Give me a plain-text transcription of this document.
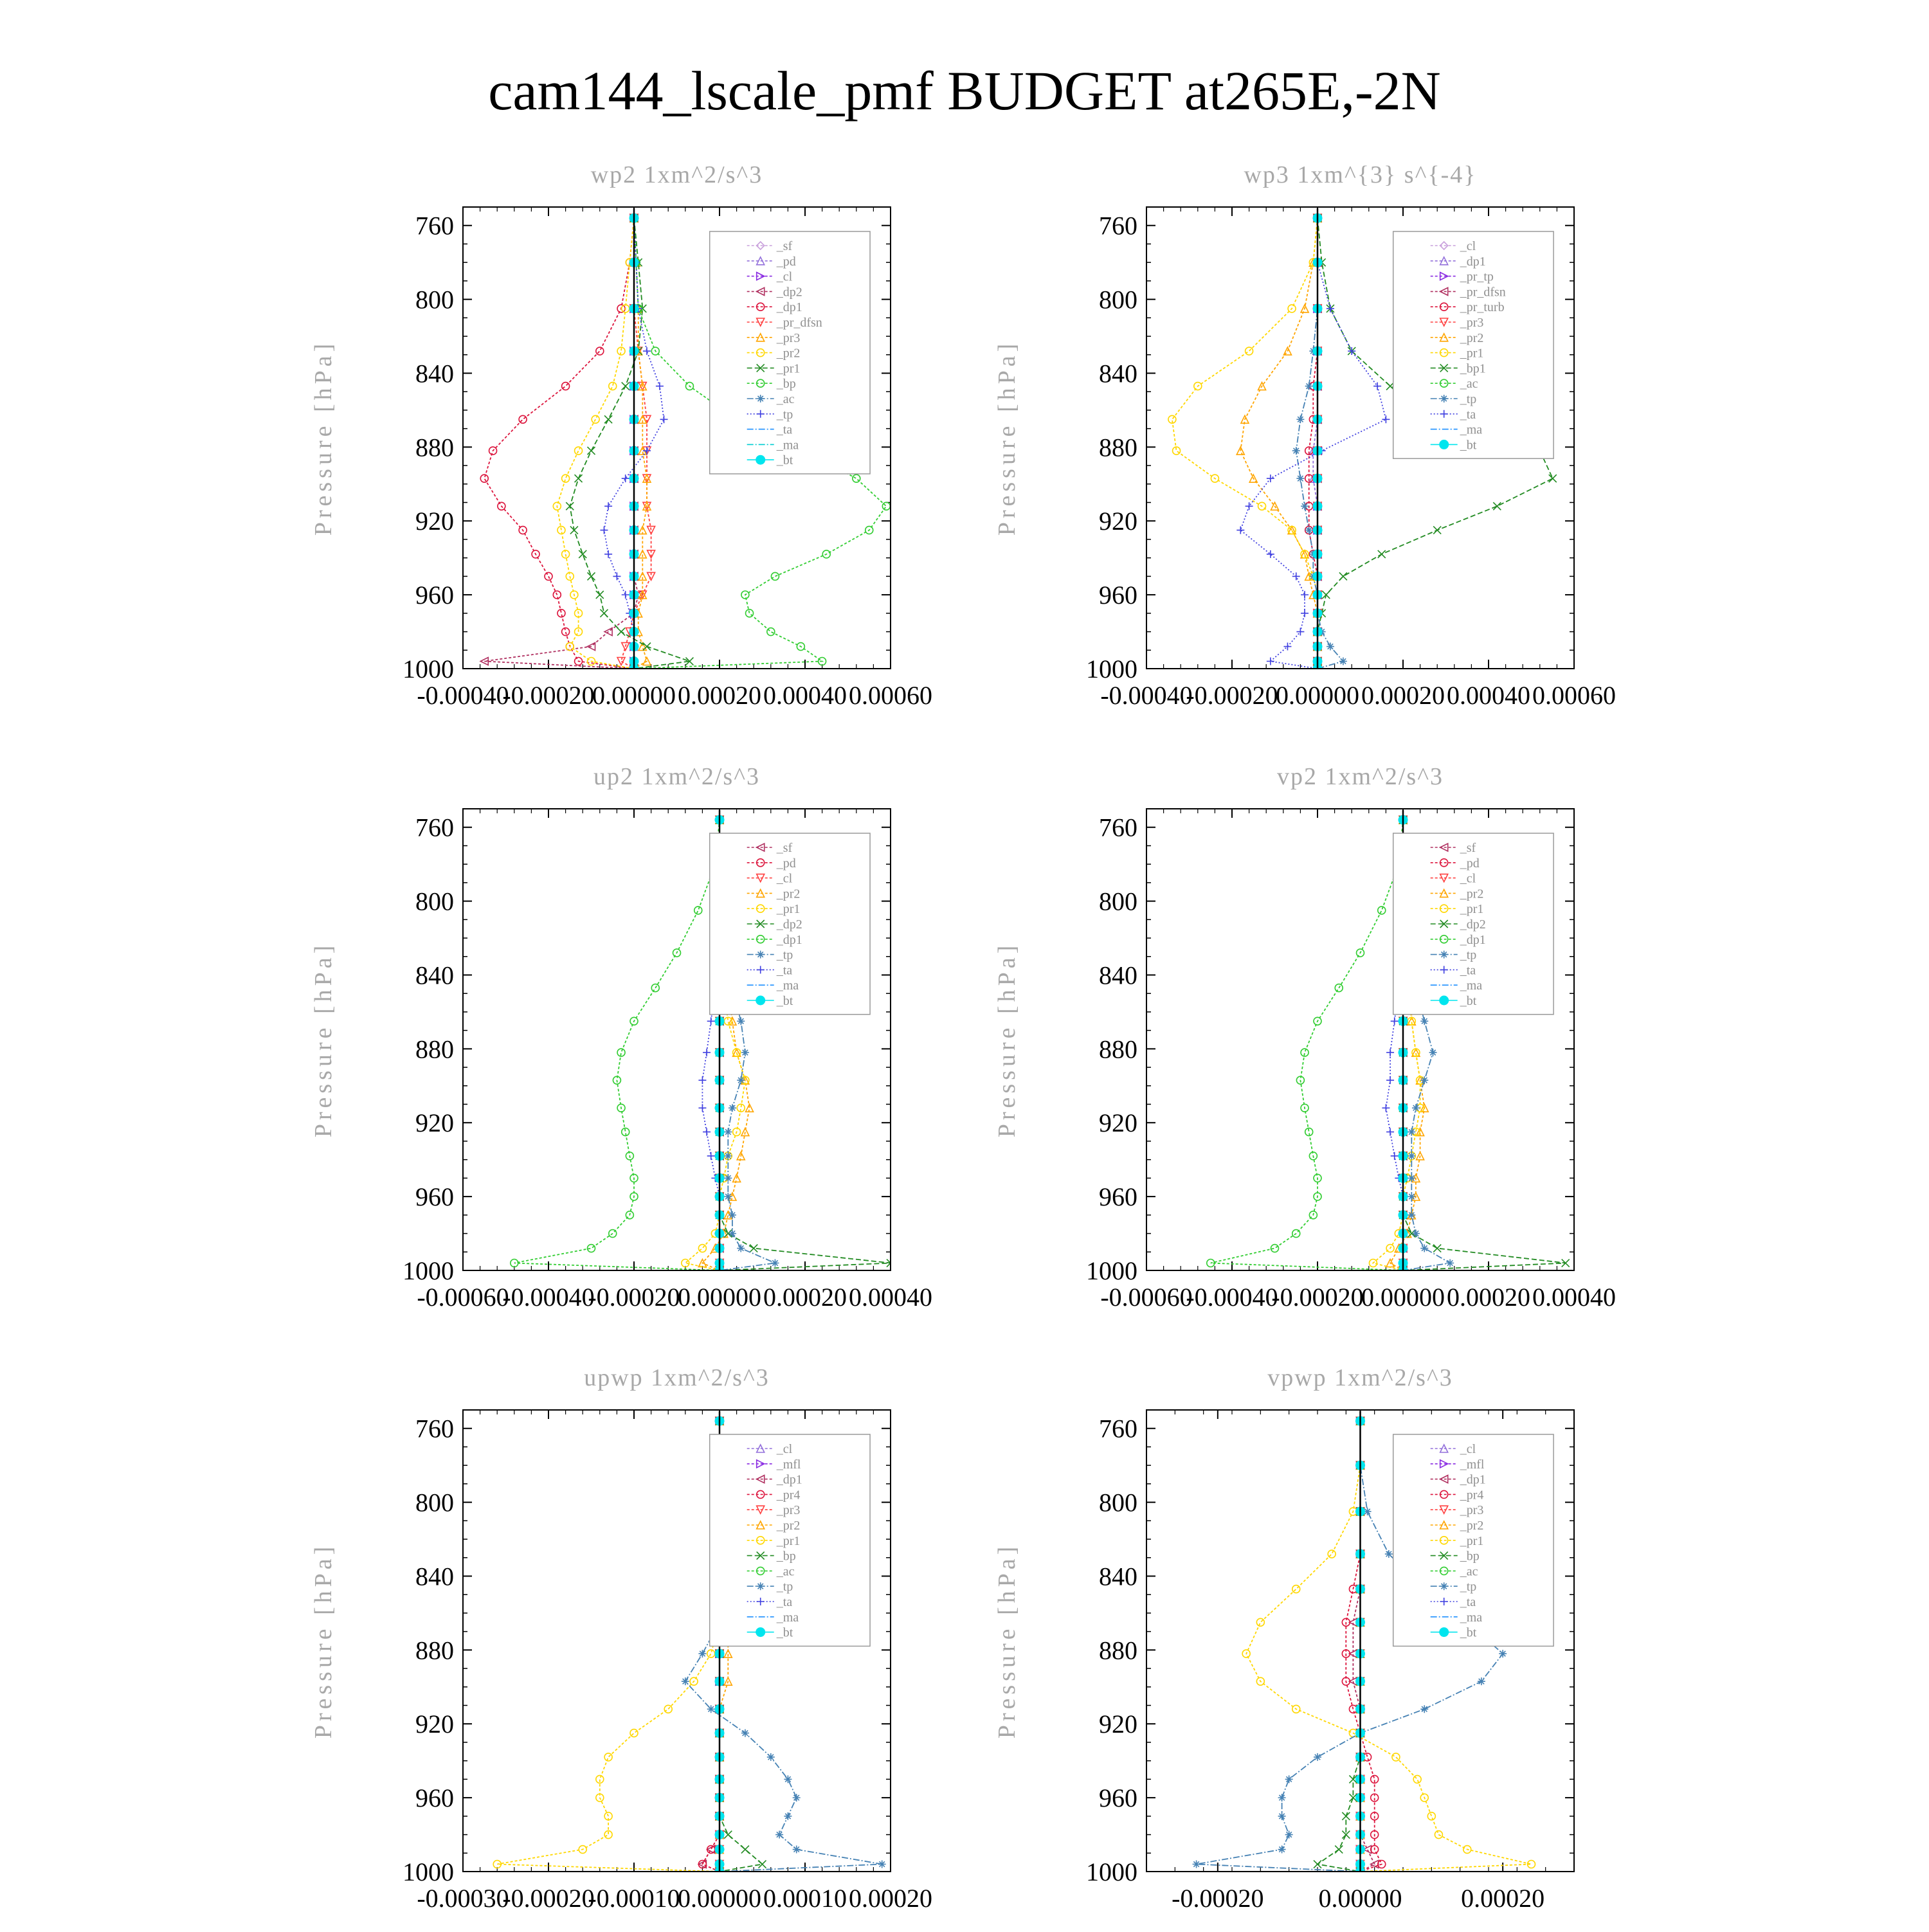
cam144_lscale_pmf BUDGET at265E,-2N
wp2 1xm^2/s^3
Pressure [hPa]
760
800
840
880
920
960
1000
-0.00040
-0.00020
0.00000 0.00020 0.00040 0.00060
_sf
_pd
_cl
_dp2
_dp1
_pr_dfsn
_pr3
_pr2
_pr1
_bp
_ac
_tp
_ta
_ma
_bt
wp3 1xm^{3} s^{-4}
Pressure [hPa]
760
800
840
880
920
960
1000
-0.00040
-0.00020
0.00000 0.00020 0.00040 0.00060
_cl
_dp1
_pr_tp
_pr_dfsn
_pr_turb
_pr3
_pr2
_pr1
_bp1
_ac
_tp
_ta
_ma
_bt
up2 1xm^2/s^3
Pressure [hPa]
760
800
840
880
920
960
1000
-0.00060
-0.00040
-0.00020
0.00000 0.00020 0.00040
_sf
_pd
_cl
_pr2
_pr1
_dp2
_dp1
_tp
_ta
_ma
_bt
vp2 1xm^2/s^3
Pressure [hPa]
760
800
840
880
920
960
1000
-0.00060
-0.00040
-0.00020
0.00000 0.00020 0.00040
_sf
_pd
_cl
_pr2
_pr1
_dp2
_dp1
_tp
_ta
_ma
_bt
upwp 1xm^2/s^3
Pressure [hPa]
760
800
840
880
920
960
1000
-0.00030
-0.00020
-0.00010
0.00000 0.00010 0.00020
_cl
_mfl
_dp1
_pr4
_pr3
_pr2
_pr1
_bp
_ac
_tp
_ta
_ma
_bt
vpwp 1xm^2/s^3
Pressure [hPa]
760
800
840
880
920
960
1000
-0.00020 0.00000 0.00020
_cl
_mfl
_dp1
_pr4
_pr3
_pr2
_pr1
_bp
_ac
_tp
_ta
_ma
_bt
